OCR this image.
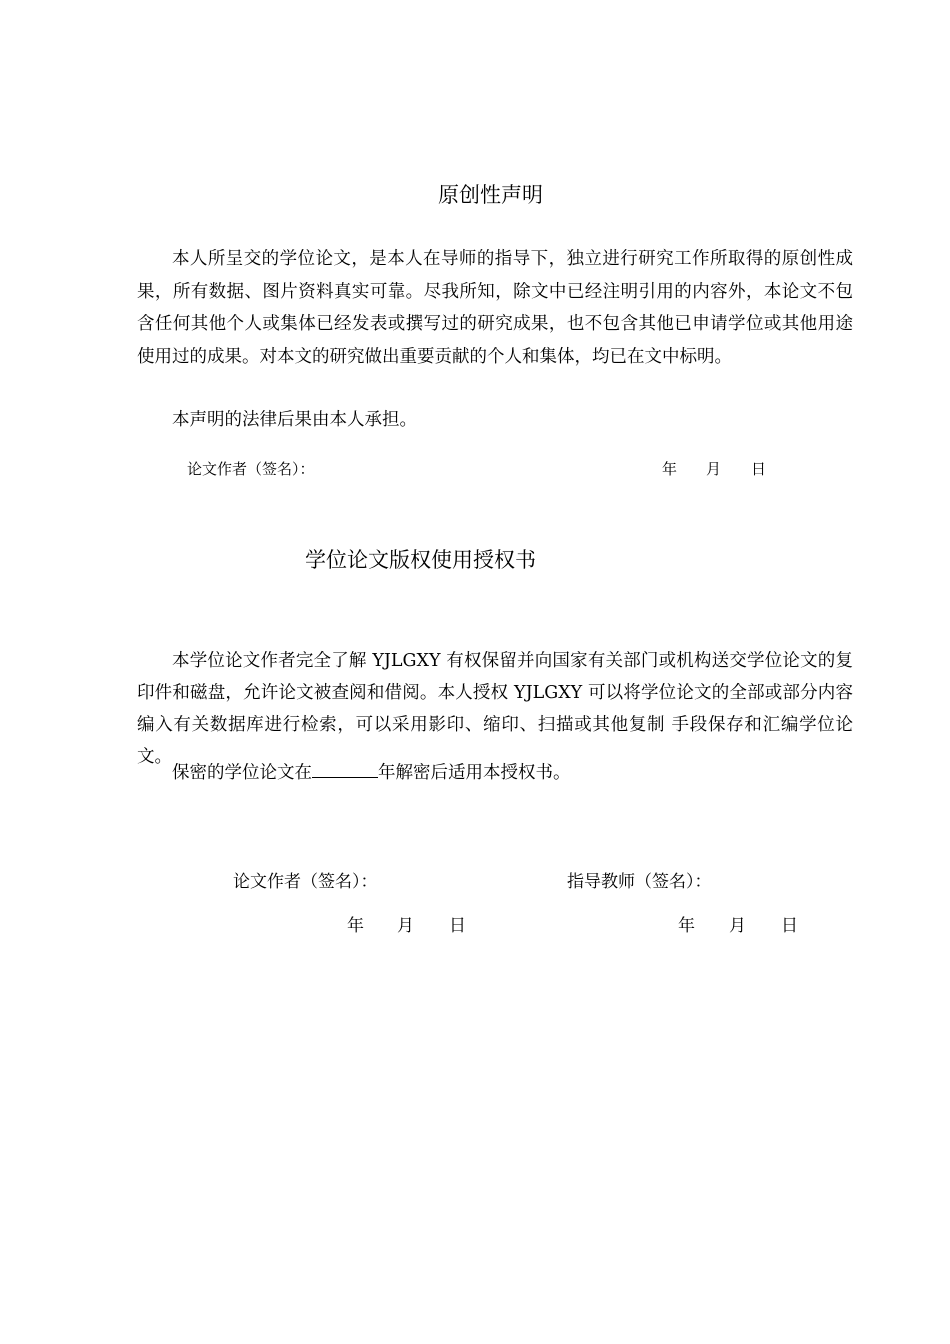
原创性声明

本人所呈交的学位论文，是本人在导师的指导下，独立进行研究工作所取得的原创性成果，所有数据、图片资料真实可靠。尽我所知，除文中已经注明引用的内容外，本论文不包含任何其他个人或集体已经发表或撰写过的研究成果，也不包含其他已申请学位或其他用途使用过的成果。对本文的研究做出重要贡献的个人和集体，均已在文中标明。

本声明的法律后果由本人承担。

论文作者（签名）：	年 月 日
学位论文版权使用授权书

本学位论文作者完全了解 YJLGXY 有权保留并向国家有关部门或机构送交学位论文的复印件和磁盘，允许论文被查阅和借阅。本人授权 YJLGXY 可以将学位论文的全部或部分内容编入有关数据库进行检索，可以采用影印、缩印、扫描或其他复制 手段保存和汇编学位论文。

保密的学位论文在	年解密后适用本授权书。

论文作者（签名）：	指导教师（签名）：
年 月 日	年 月 日
